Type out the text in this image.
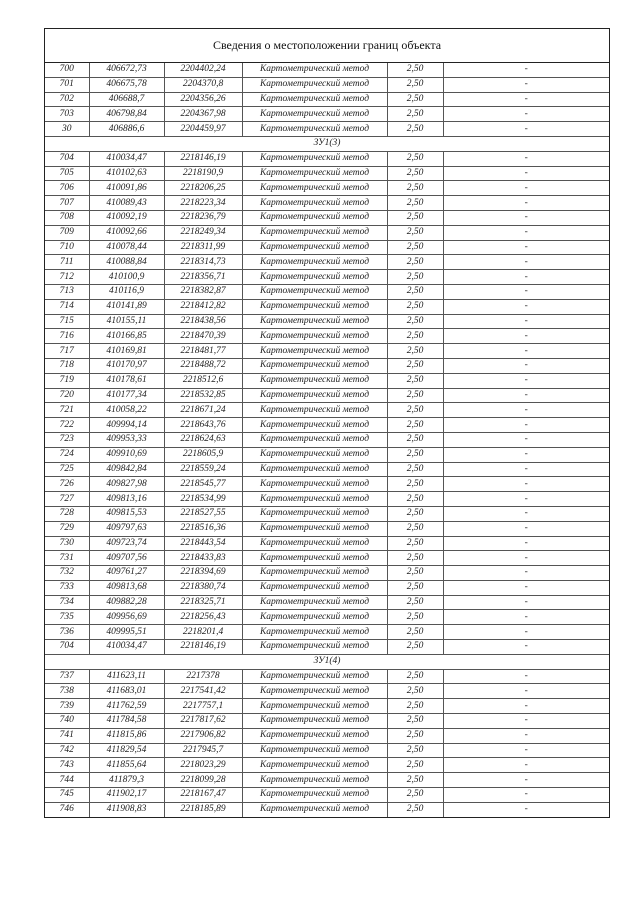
Сведения о местоположении границ объекта
700	406672,73	2204402,24	Картометрический метод	2,50	-
701	406675,78	2204370,8	Картометрический метод	2,50	-
702	406688,7	2204356,26	Картометрический метод	2,50	-
703	406798,84	2204367,98	Картометрический метод	2,50	-
30	406886,6	2204459,97	Картометрический метод	2,50	-
ЗУ1(3)					
704	410034,47	2218146,19	Картометрический метод	2,50	-
705	410102,63	2218190,9	Картометрический метод	2,50	-
706	410091,86	2218206,25	Картометрический метод	2,50	-
707	410089,43	2218223,34	Картометрический метод	2,50	-
708	410092,19	2218236,79	Картометрический метод	2,50	-
709	410092,66	2218249,34	Картометрический метод	2,50	-
710	410078,44	2218311,99	Картометрический метод	2,50	-
711	410088,84	2218314,73	Картометрический метод	2,50	-
712	410100,9	2218356,71	Картометрический метод	2,50	-
713	410116,9	2218382,87	Картометрический метод	2,50	-
714	410141,89	2218412,82	Картометрический метод	2,50	-
715	410155,11	2218438,56	Картометрический метод	2,50	-
716	410166,85	2218470,39	Картометрический метод	2,50	-
717	410169,81	2218481,77	Картометрический метод	2,50	-
718	410170,97	2218488,72	Картометрический метод	2,50	-
719	410178,61	2218512,6	Картометрический метод	2,50	-
720	410177,34	2218532,85	Картометрический метод	2,50	-
721	410058,22	2218671,24	Картометрический метод	2,50	-
722	409994,14	2218643,76	Картометрический метод	2,50	-
723	409953,33	2218624,63	Картометрический метод	2,50	-
724	409910,69	2218605,9	Картометрический метод	2,50	-
725	409842,84	2218559,24	Картометрический метод	2,50	-
726	409827,98	2218545,77	Картометрический метод	2,50	-
727	409813,16	2218534,99	Картометрический метод	2,50	-
728	409815,53	2218527,55	Картометрический метод	2,50	-
729	409797,63	2218516,36	Картометрический метод	2,50	-
730	409723,74	2218443,54	Картометрический метод	2,50	-
731	409707,56	2218433,83	Картометрический метод	2,50	-
732	409761,27	2218394,69	Картометрический метод	2,50	-
733	409813,68	2218380,74	Картометрический метод	2,50	-
734	409882,28	2218325,71	Картометрический метод	2,50	-
735	409956,69	2218256,43	Картометрический метод	2,50	-
736	409995,51	2218201,4	Картометрический метод	2,50	-
704	410034,47	2218146,19	Картометрический метод	2,50	-
ЗУ1(4)					
737	411623,11	2217378	Картометрический метод	2,50	-
738	411683,01	2217541,42	Картометрический метод	2,50	-
739	411762,59	2217757,1	Картометрический метод	2,50	-
740	411784,58	2217817,62	Картометрический метод	2,50	-
741	411815,86	2217906,82	Картометрический метод	2,50	-
742	411829,54	2217945,7	Картометрический метод	2,50	-
743	411855,64	2218023,29	Картометрический метод	2,50	-
744	411879,3	2218099,28	Картометрический метод	2,50	-
745	411902,17	2218167,47	Картометрический метод	2,50	-
746	411908,83	2218185,89	Картометрический метод	2,50	-
